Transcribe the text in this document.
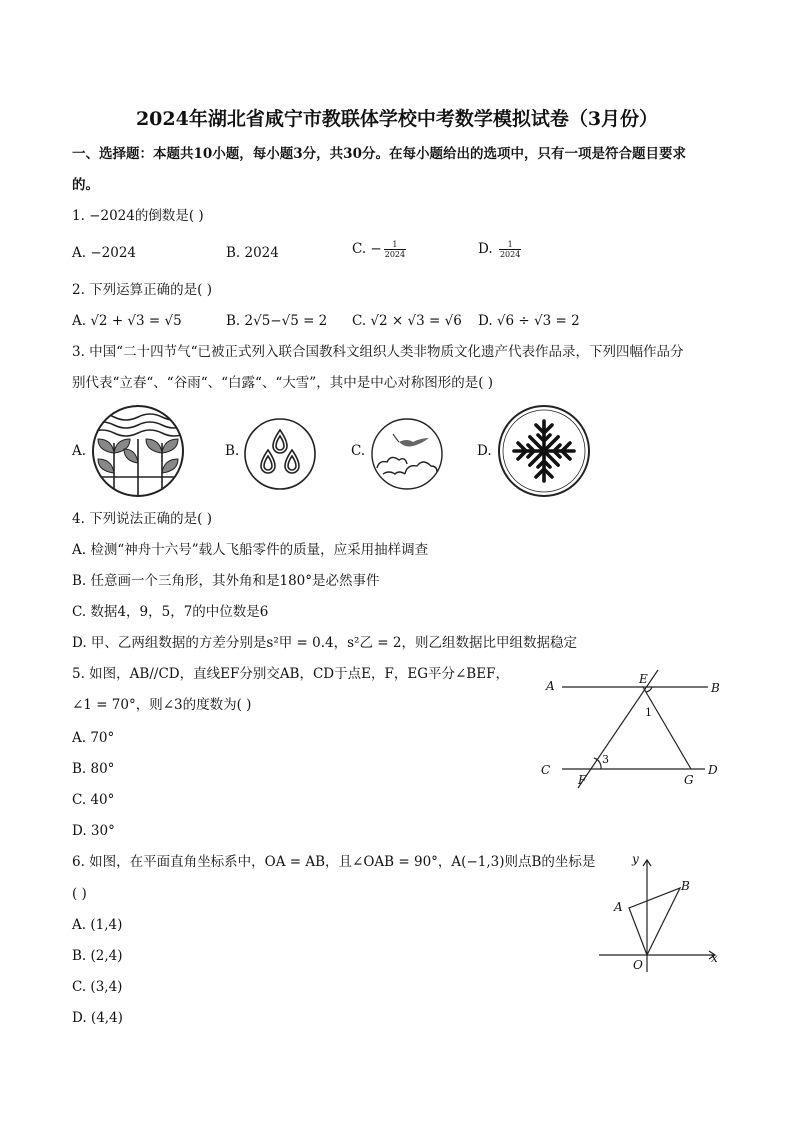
2024年湖北省咸宁市教联体学校中考数学模拟试卷（3月份）
一、选择题：本题共10小题，每小题3分，共30分。在每小题给出的选项中，只有一项是符合题目要求
的。
1. −2024的倒数是( )
A. −2024	B. 2024	C. − $\frac{1}{2024}$	D. $\frac{1}{2024}$
2. 下列运算正确的是( )
A. √2 + √3 = √5	B. 2√5−√5 = 2 C. √2 × √3 = √6 D. √6 ÷ √3 = 2
3. 中国“二十四节气“已被正式列入联合国教科文组织人类非物质文化遗产代表作品录，下列四幅作品分
别代表“立春“、“谷雨“、“白露“、“大雪”，其中是中心对称图形的是( )
A.	B.	C.	D.
4. 下列说法正确的是( )
A. 检测“神舟十六号”载人飞船零件的质量，应采用抽样调查
B. 任意画一个三角形，其外角和是180°是必然事件
C. 数据4，9，5，7的中位数是6
D. 甲、乙两组数据的方差分别是s²甲 = 0.4，s²乙 = 2，则乙组数据比甲组数据稳定
5. 如图，AB//CD，直线EF分别交AB，CD于点E，F，EG平分∠BEF，
∠1 = 70°，则∠3的度数为( )
A. 70°
B. 80°
C. 40°
D. 30°
A	B
C	D
E
F	G
1
3
6. 如图，在平面直角坐标系中，OA = AB，且∠OAB = 90°，A(−1,3)则点B的坐标是
( )
A. (1,4)
B. (2,4)
C. (3,4)
D. (4,4)
y
x
O
A
B
